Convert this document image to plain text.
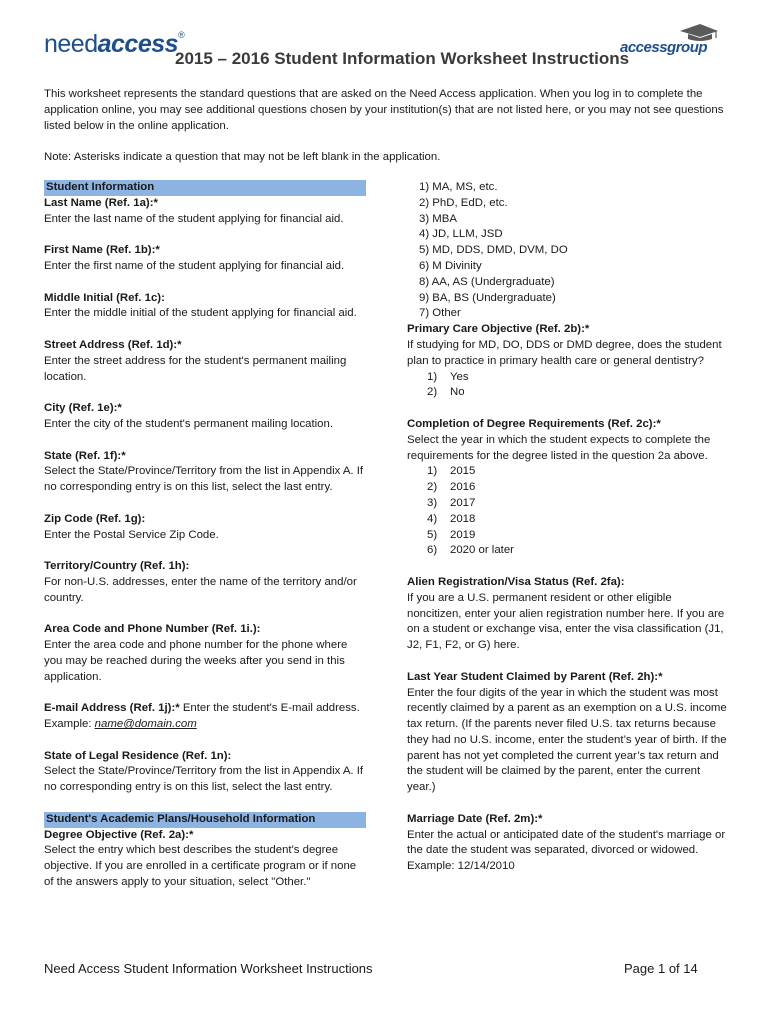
needaccess®
2015 – 2016 Student Information Worksheet Instructions
accessgroup
This worksheet represents the standard questions that are asked on the Need Access application. When you log in to complete the application online, you may see additional questions chosen by your institution(s) that are not listed here, or you may not see questions listed below in the online application.
Note: Asterisks indicate a question that may not be left blank in the application.
Student Information
Last Name (Ref. 1a):*
Enter the last name of the student applying for financial aid.
First Name (Ref. 1b):*
Enter the first name of the student applying for financial aid.
Middle Initial (Ref. 1c):
Enter the middle initial of the student applying for financial aid.
Street Address (Ref. 1d):*
Enter the street address for the student's permanent mailing location.
City (Ref. 1e):*
Enter the city of the student's permanent mailing location.
State (Ref. 1f):*
Select the State/Province/Territory from the list in Appendix A. If no corresponding entry is on this list, select the last entry.
Zip Code (Ref. 1g):
Enter the Postal Service Zip Code.
Territory/Country (Ref. 1h):
For non-U.S. addresses, enter the name of the territory and/or country.
Area Code and Phone Number (Ref. 1i.):
Enter the area code and phone number for the phone where you may be reached during the weeks after you send in this application.
E-mail Address (Ref. 1j):* Enter the student's E-mail address.
Example: name@domain.com
State of Legal Residence (Ref. 1n):
Select the State/Province/Territory from the list in Appendix A. If no corresponding entry is on this list, select the last entry.
Student's Academic Plans/Household Information
Degree Objective (Ref. 2a):*
Select the entry which best describes the student's degree objective. If you are enrolled in a certificate program or if none of the answers apply to your situation, select "Other."
1) MA, MS, etc.
2) PhD, EdD, etc.
3) MBA
4) JD, LLM, JSD
5) MD, DDS, DMD, DVM, DO
6) M Divinity
8) AA, AS (Undergraduate)
9) BA, BS (Undergraduate)
7) Other
Primary Care Objective (Ref. 2b):*
If studying for MD, DO, DDS or DMD degree, does the student plan to practice in primary health care or general dentistry?
1) Yes
2) No
Completion of Degree Requirements (Ref. 2c):*
Select the year in which the student expects to complete the requirements for the degree listed in the question 2a above.
1) 2015
2) 2016
3) 2017
4) 2018
5) 2019
6) 2020 or later
Alien Registration/Visa Status (Ref. 2fa):
If you are a U.S. permanent resident or other eligible noncitizen, enter your alien registration number here. If you are on a student or exchange visa, enter the visa classification (J1, J2, F1, F2, or G) here.
Last Year Student Claimed by Parent (Ref. 2h):*
Enter the four digits of the year in which the student was most recently claimed by a parent as an exemption on a U.S. income tax return. (If the parents never filed U.S. tax returns because they had no U.S. income, enter the student’s year of birth. If the parent has not yet completed the current year’s tax return and the student will be claimed by the parent, enter the current year.)
Marriage Date (Ref. 2m):*
Enter the actual or anticipated date of the student's marriage or the date the student was separated, divorced or widowed.
Example: 12/14/2010
Need Access Student Information Worksheet Instructions	Page 1 of 14
